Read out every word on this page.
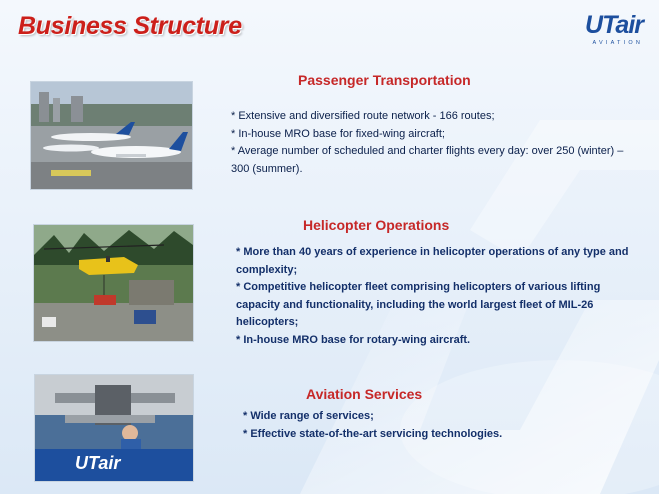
Business Structure	UTair
AVIATION
Passenger Transportation
* Extensive and diversified route network - 166 routes;
* In-house MRO base for fixed-wing aircraft;
* Average number of scheduled and charter flights every day: over 250 (winter) – 300 (summer).
Helicopter Operations
* More than 40 years of experience in helicopter operations of any type and complexity;
* Competitive helicopter fleet comprising helicopters of various lifting capacity and functionality, including the world largest fleet of MIL-26 helicopters;
* In-house MRO base for rotary-wing aircraft.
UTair
Aviation Services
* Wide range of services;
* Effective state-of-the-art servicing technologies.
